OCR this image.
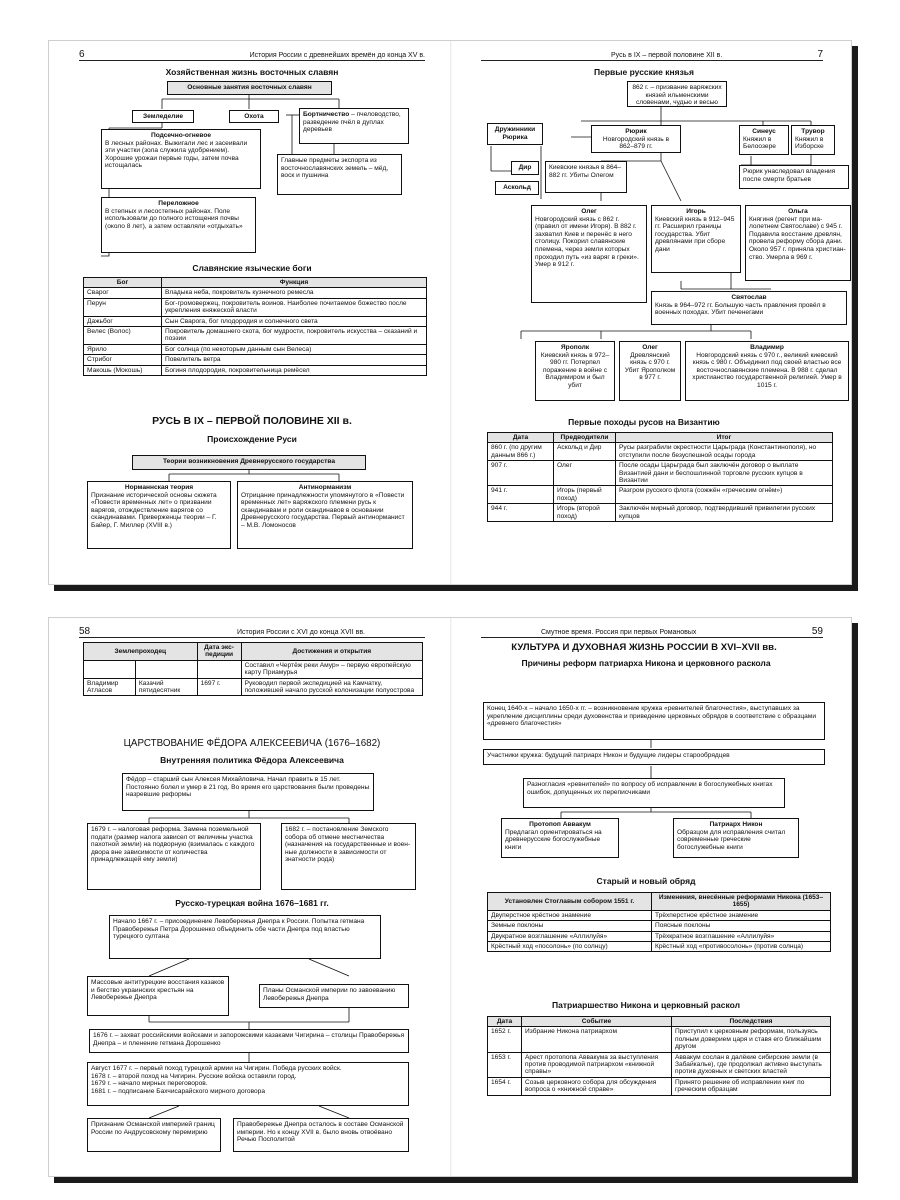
6	История России с древнейших времён до конца XV в.
Хозяйственная жизнь восточных славян
Основные занятия восточных славян
Земледелие	Охота	Бортничество – пчеловодство, разведение пчёл в дуплах деревьев
Подсечно-огневое
В лесных районах. Выжигали лес и засеивали эти участки (зола служила удобрением). Хорошие урожаи первые годы, затем почва истощалась
Главные предметы экспорта из восточнославянских земель – мёд, воск и пушнина
Переложное
В степных и лесостепных районах. Поле использовали до полного истощения почвы (около 8 лет), а затем оставляли «отдыхать»
Славянские языческие боги
Бог	Функция
Сварог	Владыка неба, покровитель кузнечного ремесла
Перун	Бог-громовержец, покровитель воинов. Наиболее почитаемое божество после укрепления княжеской власти
Дажьбог	Сын Сварога, бог плодородия и солнечного света
Велес (Волос)	Покровитель домашнего скота, бог мудрости, покровитель искусства – сказаний и поэзии
Ярило	Бог солнца (по некоторым данным сын Велеса)
Стрибог	Повелитель ветра
Макошь (Мокошь)	Богиня плодородия, покровительница ремёсел
РУСЬ В IX – ПЕРВОЙ ПОЛОВИНЕ XII в.
Происхождение Руси
Теории возникновения Древнерусского государства
Норманнская теория
Признание исторической основы сюжета «Повести временных лет» о призвании варягов, отождествление варягов со скандинавами. Приверженцы теории – Г. Байер, Г. Миллер (XVIII в.)
Антинорманизм
Отрицание принадлежности упомянутого в «Повести временных лет» варяжского племени русь к скандинавам и роли скандинавов в основании Древнерусского государства. Первый антинорманист – М.В. Ломоносов
Русь в IX – первой половине XII в.	7
Первые русские князья
862 г. – призвание варяжских князей ильменскими словенами, чудью и весью
Дружинники Рюрика
Рюрик
Новгородский князь в 862–879 гг.
Синеус
Княжил в Белоозере
Трувор
Княжил в Изборске
Дир
Аскольд
Киевские князья в 864–882 гг. Убиты Олегом
Рюрик унаследовал владения после смерти братьев
Олег
Новгородский князь с 862 г. (правил от имени Игоря). В 882 г. захватил Киев и перенёс в него столицу. Покорил славянские племена, через земли которых проходил путь «из варяг в греки». Умер в 912 г.
Игорь
Киевский князь в 912–945 гг. Расширил границы государства. Убит древлянами при сборе дани
Ольга
Княгиня (регент при малолетнем Святославе) с 945 г. Подавила восстание древлян, провела реформу сбора дани. Около 957 г. приняла христианство. Умерла в 969 г.
Святослав
Князь в 964–972 гг. Большую часть правления провёл в военных походах. Убит печенегами
Ярополк
Киевский князь в 972–980 гг. Потерпел поражение в войне с Владимиром и был убит
Олег
Древлянский князь с 970 г. Убит Ярополком в 977 г.
Владимир
Новгородский князь с 970 г., великий киевский князь с 980 г. Объединил под своей властью все восточнославянские племена. В 988 г. сделал христианство государственной религией. Умер в 1015 г.
Первые походы русов на Византию
Дата	Предводители	Итог
860 г. (по другим данным 866 г.)	Аскольд и Дир	Русы разграбили окрестности Царьграда (Константинополя), но отступили после безуспешной осады города
907 г.	Олег	После осады Царьграда был заключён договор о выплате Византией дани и беспошлинной торговле русских купцов в Византии
941 г.	Игорь (первый поход)	Разгром русского флота (сожжён «греческим огнём»)
944 г.	Игорь (второй поход)	Заключён мирный договор, подтвердивший привилегии русских купцов
58	История России с XVI до конца XVII вв.
Землепроходец		Дата экспедиции	Достижения и открытия
			Составил «Чертёж реки Амур» – первую европейскую карту Приамурья
Владимир Атласов	Казачий пятидесятник	1697 г.	Руководил первой экспедицией на Камчатку, положившей начало русской колонизации полуострова
ЦАРСТВОВАНИЕ ФЁДОРА АЛЕКСЕЕВИЧА (1676–1682)
Внутренняя политика Фёдора Алексеевича
Фёдор – старший сын Алексея Михайловича. Начал править в 15 лет. Постоянно болел и умер в 21 год. Во время его царствования были проведены назревшие реформы
1679 г. – налоговая реформа. Замена поземельной подати (размер налога зависел от величины участка пахотной земли) на подворную (взималась с каждого двора вне зависимости от количества принадлежащей ему земли)
1682 г. – постановление Земского собора об отмене местничества (назначения на государственные и военные должности в зависимости от знатности рода)
Русско-турецкая война 1676–1681 гг.
Начало 1667 г. – присоединение Левобережья Днепра к России. Попытка гетмана Правобережья Петра Дорошенко объединить обе части Днепра под властью турецкого султана
Массовые антитурецкие восстания казаков и бегство украинских крестьян на Левобережье Днепра
Планы Османской империи по завоеванию Левобережья Днепра
1676 г. – захват российскими войсками и запорожскими казаками Чигирина – столицы Правобережья Днепра – и пленение гетмана Дорошенко
Август 1677 г. – первый поход турецкой армии на Чигирин. Победа русских войск.
1678 г. – второй поход на Чигирин. Русские войска оставили город.
1679 г. – начало мирных переговоров.
1681 г. – подписание Бахчисарайского мирного договора
Признание Османской империей границ России по Андрусовскому перемирию
Правобережье Днепра осталось в составе Османской империи. Но к концу XVII в. было вновь отвоёвано Речью Посполитой
Смутное время. Россия при первых Романовых	59
КУЛЬТУРА И ДУХОВНАЯ ЖИЗНЬ РОССИИ В XVI–XVII вв.
Причины реформ патриарха Никона и церковного раскола
Конец 1640-х – начало 1650-х гг. – возникновение кружка «ревнителей благочестия», выступавших за укрепление дисциплины среди духовенства и приведение церковных обрядов в соответствие с образцами «древнего благочестия»
Участники кружка: будущий патриарх Никон и будущие лидеры старообрядцев
Разногласия «ревнителей» по вопросу об исправлении в богослужебных книгах ошибок, допущенных их переписчиками
Протопоп Аввакум
Предлагал ориентироваться на древнерусские богослужебные книги
Патриарх Никон
Образцом для исправления считал современные греческие богослужебные книги
Старый и новый обряд
Установлен Стоглавым собором 1551 г.	Изменения, внесённые реформами Никона (1653–1655)
Двуперстное крёстное знамение	Трёхперстное крёстное знамение
Земные поклоны	Поясные поклоны
Двукратное возглашение «Аллилуйя»	Трёхкратное возглашение «Аллилуйя»
Крёстный ход «посолонь» (по солнцу)	Крёстный ход «противосолонь» (против солнца)
Патриаршество Никона и церковный раскол
Дата	Событие	Последствия
1652 г.	Избрание Никона патриархом	Приступил к церковным реформам, пользуясь полным доверием царя и ставя его ближайшим другом
1653 г.	Арест протопопа Аввакума за выступления против проводимой патриархом «книжной справы»	Аввакум сослан в далёкие сибирские земли (в Забайкалье), где продолжал активно выступать против духовных и светских властей
1654 г.	Созыв церковного собора для обсуждения вопроса о «книжной справе»	Принято решение об исправлении книг по греческим образцам
